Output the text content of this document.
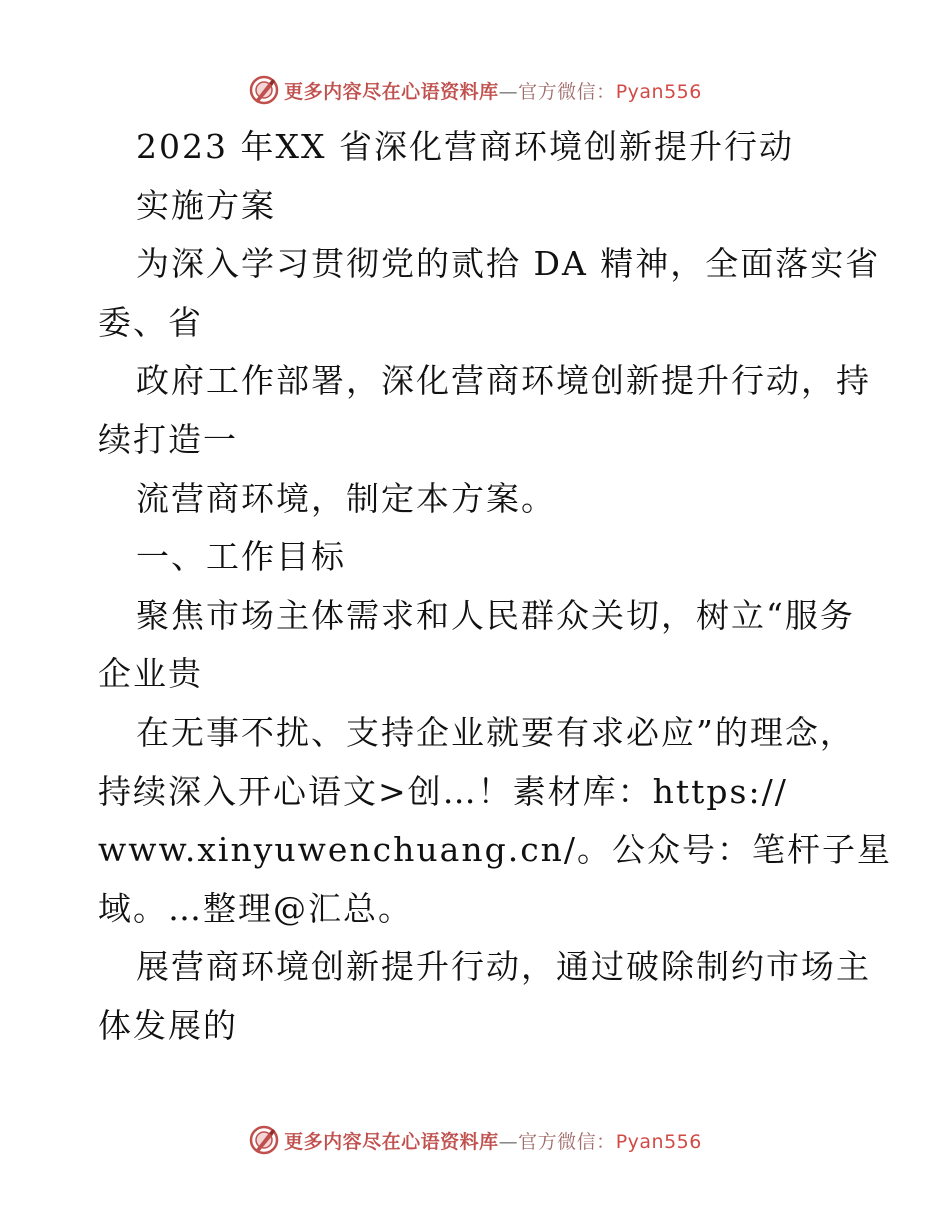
更多内容尽在心语资料库—官方微信：Pyan556
2023 年XX 省深化营商环境创新提升行动
实施方案
为深入学习贯彻党的贰拾 DA 精神，全面落实省
委、省
政府工作部署，深化营商环境创新提升行动，持
续打造一
流营商环境，制定本方案。
一、工作目标
聚焦市场主体需求和人民群众关切，树立“服务
企业贵
在无事不扰、支持企业就要有求必应”的理念，
持续深入开心语文>创…！素材库：https://
www.xinyuwenchuang.cn/。公众号：笔杆子星
域。…整理@汇总。
展营商环境创新提升行动，通过破除制约市场主
体发展的
更多内容尽在心语资料库—官方微信：Pyan556
